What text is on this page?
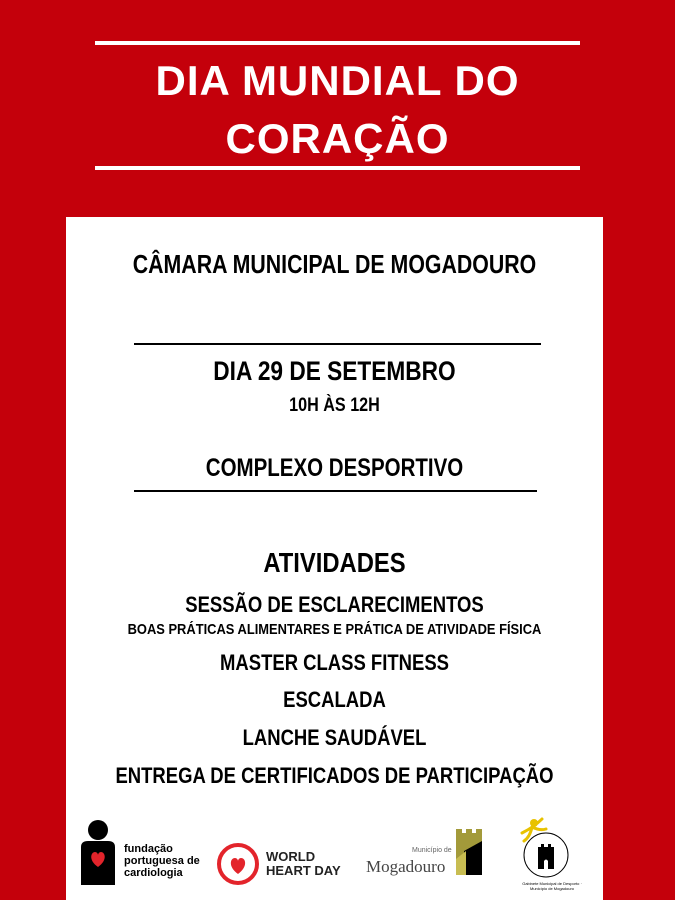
DIA MUNDIAL DO
CORAÇÃO
CÂMARA MUNICIPAL DE MOGADOURO
DIA 29 DE SETEMBRO
10H ÀS 12H
COMPLEXO DESPORTIVO
ATIVIDADES
SESSÃO DE ESCLARECIMENTOS
BOAS PRÁTICAS ALIMENTARES E PRÁTICA DE ATIVIDADE FÍSICA
MASTER CLASS FITNESS
ESCALADA
LANCHE SAUDÁVEL
ENTREGA DE CERTIFICADOS DE PARTICIPAÇÃO
fundação
portuguesa de
cardiologia
WORLD
HEART DAY
Município de
Mogadouro
Gabinete Municipal de Desporto · Município de Mogadouro
